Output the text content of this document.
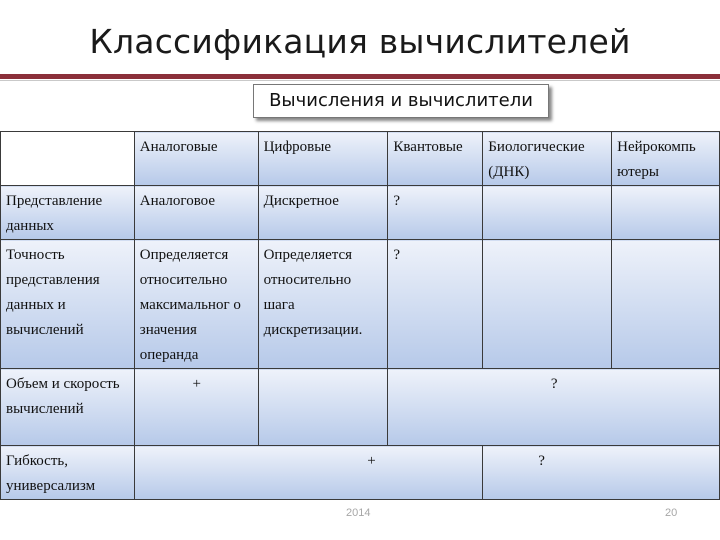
Классификация вычислителей
Вычисления и вычислители
	Аналоговые	Цифровые	Квантовые	Биологические (ДНК)	Нейрокомпь ютеры
Представление данных	Аналоговое	Дискретное	?		
Точность представления данных и вычислений	Определяется относительно максимальног о значения операнда	Определяется относительно шага дискретизации.	?		
Объем и скорость вычислений	+		?		
Гибкость, универсализм	+			?	
2014	20
